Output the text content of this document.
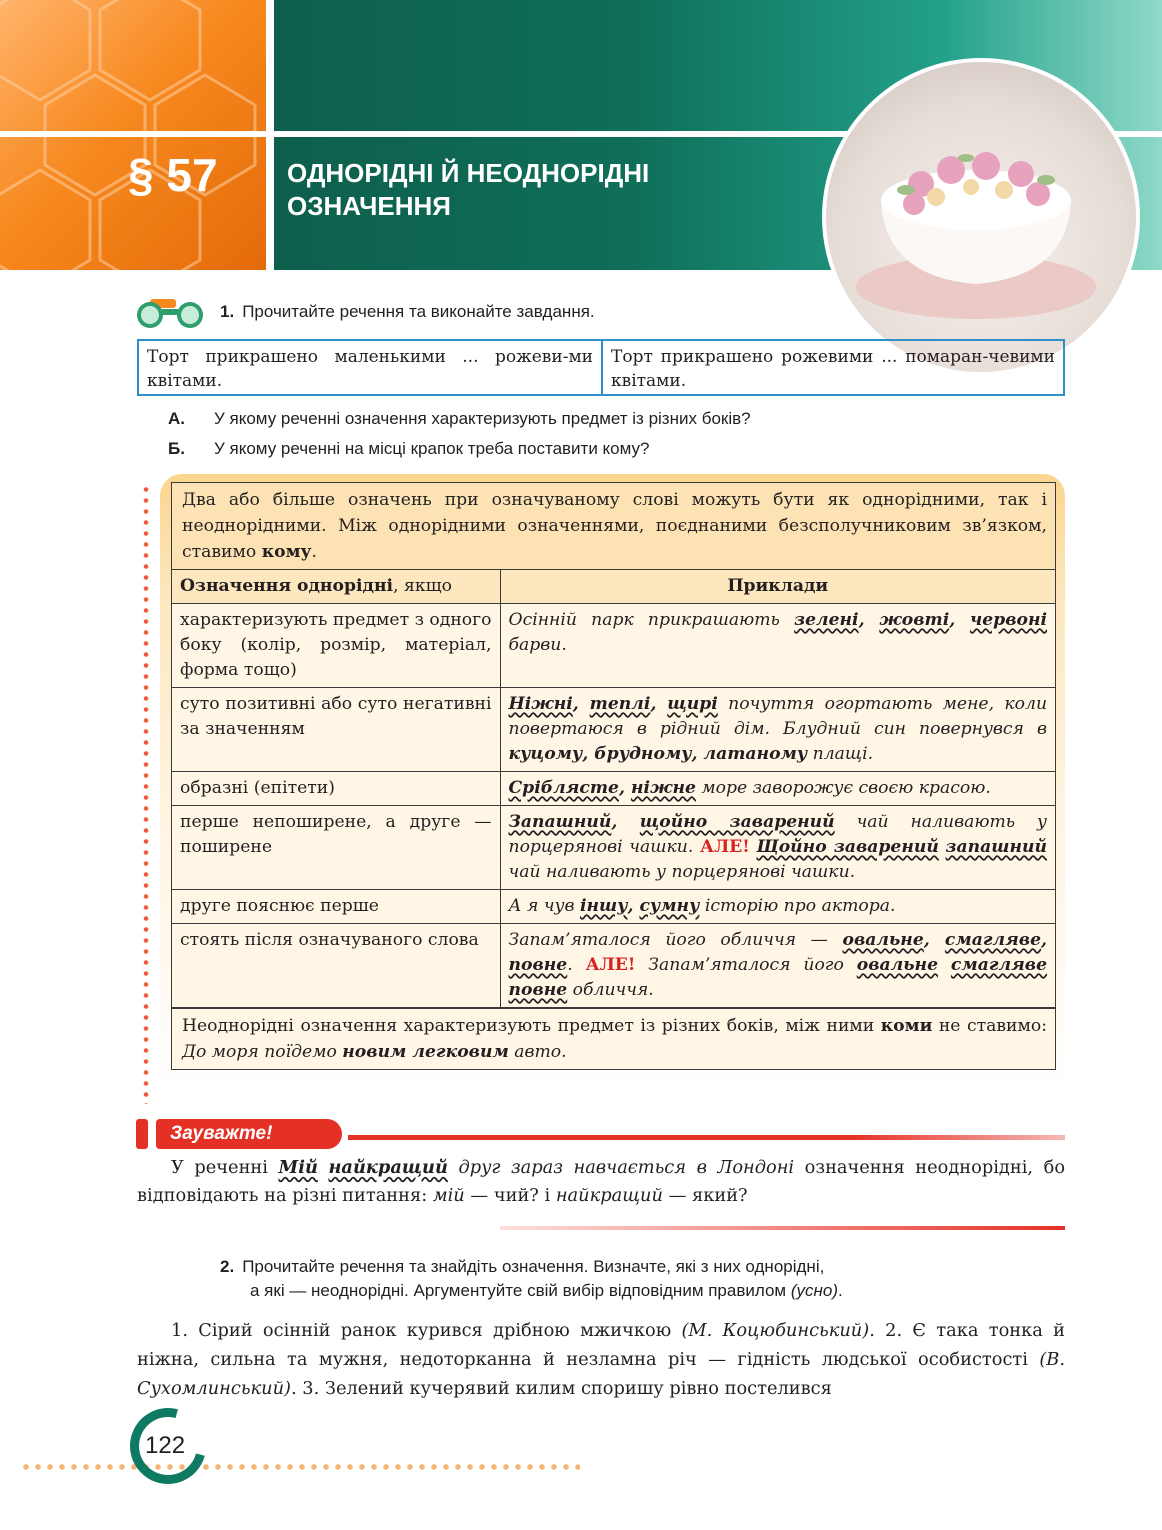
§ 57	ОДНОРІДНІ Й НЕОДНОРІДНІ
ОЗНАЧЕННЯ
1. Прочитайте речення та виконайте завдання.
Торт прикрашено маленькими ... рожеви-ми квітами.
Торт прикрашено рожевими ... помаран-чевими квітами.
А. У якому реченні означення характеризують предмет із різних боків?
Б. У якому реченні на місці крапок треба поставити кому?
Два або більше означень при означуваному слові можуть бути як однорідними, так і неоднорідними. Між однорідними означеннями, поєднаними безсполучниковим зв’язком, ставимо кому.
Означення однорідні, якщо	Приклади
характеризують предмет з одного боку (колір, розмір, матеріал, форма тощо)	Осінній парк прикрашають зелені, жовті, червоні барви.
суто позитивні або суто негативні за значенням	Ніжні, теплі, щирі почуття огортають мене, коли повертаюся в рідний дім. Блудний син повернувся в куцому, брудному, латаному плащі.
образні (епітети)	Сріблясте, ніжне море заворожує своєю красою.
перше непоширене, а друге — поширене	Запашний, щойно заварений чай наливають у порцерянові чашки. АЛЕ! Щойно заварений запашний чай наливають у порцерянові чашки.
друге пояснює перше	А я чув іншу, сумну історію про актора.
стоять після означуваного слова	Запам’яталося його обличчя — овальне, смагляве, повне. АЛЕ! Запам’яталося його овальне смагляве повне обличчя.
Неоднорідні означення характеризують предмет із різних боків, між ними коми не ставимо: До моря поїдемо новим легковим авто.
Зауважте!
У реченні Мій найкращий друг зараз навчається в Лондоні означення неоднорідні, бо відповідають на різні питання: мій — чий? і найкращий — який?
2. Прочитайте речення та знайдіть означення. Визначте, які з них однорідні,
а які — неоднорідні. Аргументуйте свій вибір відповідним правилом (усно).
1. Сірий осінній ранок курився дрібною мжичкою (М. Коцюбинський). 2. Є така тонка й ніжна, сильна та мужня, недоторканна й незламна річ — гідність людської особистості (В. Сухомлинський). 3. Зелений кучерявий килим споришу рівно постелився
122
